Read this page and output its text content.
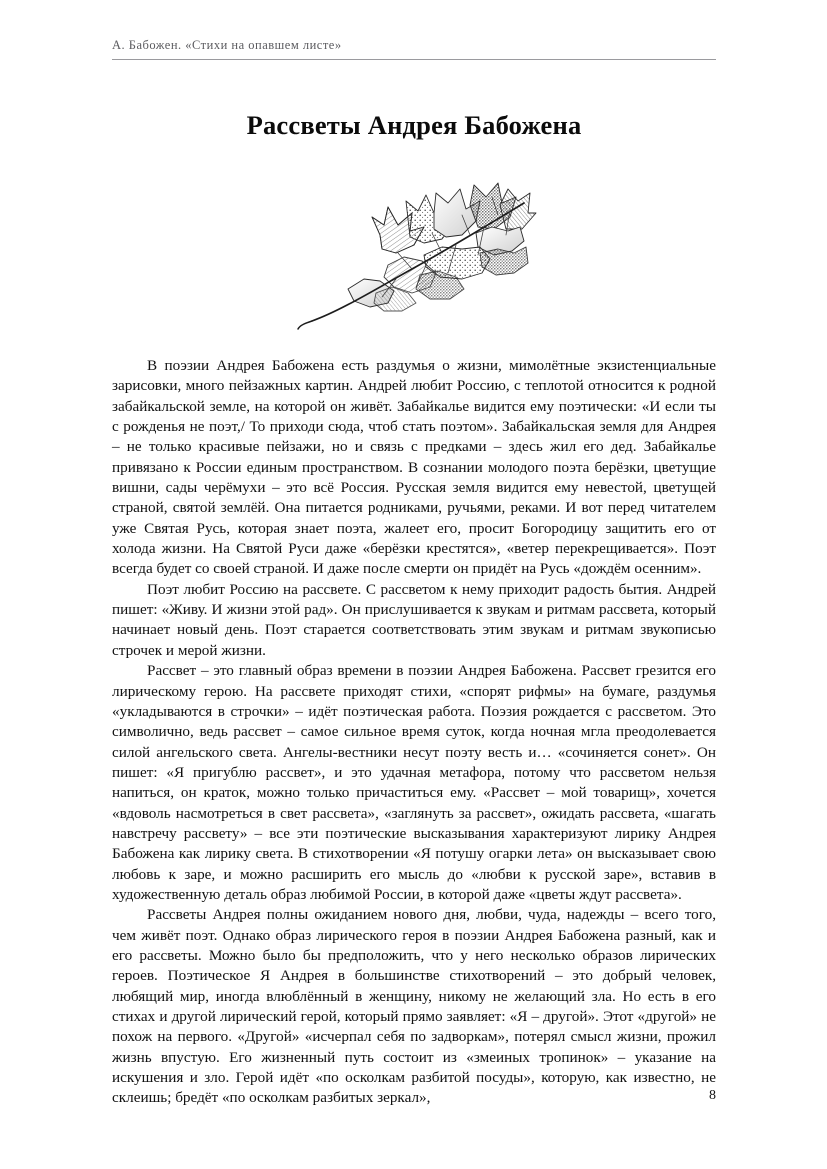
А. Бабожен. «Стихи на опавшем листе»
Рассветы Андрея Бабожена

В поэзии Андрея Бабожена есть раздумья о жизни, мимолётные экзистенциальные зарисовки, много пейзажных картин. Андрей любит Россию, с теплотой относится к родной забайкальской земле, на которой он живёт. Забайкалье видится ему поэтически: «И если ты с рожденья не поэт,/ То приходи сюда, чтоб стать поэтом». Забайкальская земля для Андрея – не только красивые пейзажи, но и связь с предками – здесь жил его дед. Забайкалье привязано к России единым пространством. В сознании молодого поэта берёзки, цветущие вишни, сады черёмухи – это всё Россия. Русская земля видится ему невестой, цветущей страной, святой землёй. Она питается родниками, ручьями, реками. И вот перед читателем уже Святая Русь, которая знает поэта, жалеет его, просит Богородицу защитить его от холода жизни. На Святой Руси даже «берёзки крестятся», «ветер перекрещивается». Поэт всегда будет со своей страной. И даже после смерти он придёт на Русь «дождём осенним».

Поэт любит Россию на рассвете. С рассветом к нему приходит радость бытия. Андрей пишет: «Живу. И жизни этой рад». Он прислушивается к звукам и ритмам рассвета, который начинает новый день. Поэт старается соответствовать этим звукам и ритмам звукописью строчек и мерой жизни.

Рассвет – это главный образ времени в поэзии Андрея Бабожена. Рассвет грезится его лирическому герою. На рассвете приходят стихи, «спорят рифмы» на бумаге, раздумья «укладываются в строчки» – идёт поэтическая работа. Поэзия рождается с рассветом. Это символично, ведь рассвет – самое сильное время суток, когда ночная мгла преодолевается силой ангельского света. Ангелы-вестники несут поэту весть и… «сочиняется сонет». Он пишет: «Я пригублю рассвет», и это удачная метафора, потому что рассветом нельзя напиться, он краток, можно только причаститься ему. «Рассвет – мой товарищ», хочется «вдоволь насмотреться в свет рассвета», «заглянуть за рассвет», ожидать рассвета, «шагать навстречу рассвету» – все эти поэтические высказывания характеризуют лирику Андрея Бабожена как лирику света. В стихотворении «Я потушу огарки лета» он высказывает свою любовь к заре, и можно расширить его мысль до «любви к русской заре», вставив в художественную деталь образ любимой России, в которой даже «цветы ждут рассвета».

Рассветы Андрея полны ожиданием нового дня, любви, чуда, надежды – всего того, чем живёт поэт. Однако образ лирического героя в поэзии Андрея Бабожена разный, как и его рассветы. Можно было бы предположить, что у него несколько образов лирических героев. Поэтическое Я Андрея в большинстве стихотворений – это добрый человек, любящий мир, иногда влюблённый в женщину, никому не желающий зла. Но есть в его стихах и другой лирический герой, который прямо заявляет: «Я – другой». Этот «другой» не похож на первого. «Другой» «исчерпал себя по задворкам», потерял смысл жизни, прожил жизнь впустую. Его жизненный путь состоит из «змеиных тропинок» – указание на искушения и зло. Герой идёт «по осколкам разбитой посуды», которую, как известно, не склеишь; бредёт «по осколкам разбитых зеркал»,	8
